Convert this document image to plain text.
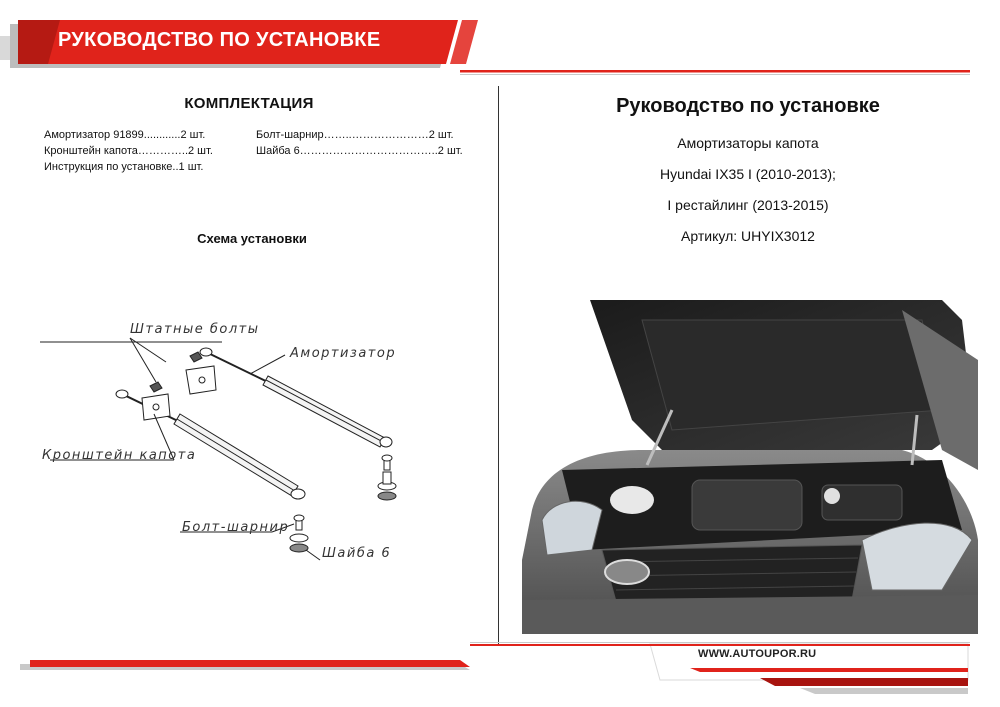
РУКОВОДСТВО ПО УСТАНОВКЕ
КОМПЛЕКТАЦИЯ
Амортизатор 91899............2 шт.
Кронштейн капота…………..2 шт.
Инструкция по установке..1 шт.
Болт-шарнир……..…………………2 шт.
Шайба 6………………………………..2 шт.
Схема установки
Штатные болты
Амортизатор
Кронштейн капота
Болт-шарнир
Шайба 6
Руководство по установке
Амортизаторы капота
Hyundai IX35 I (2010-2013);
I рестайлинг (2013-2015)
Артикул: UHYIX3012
WWW.AUTOUPOR.RU
